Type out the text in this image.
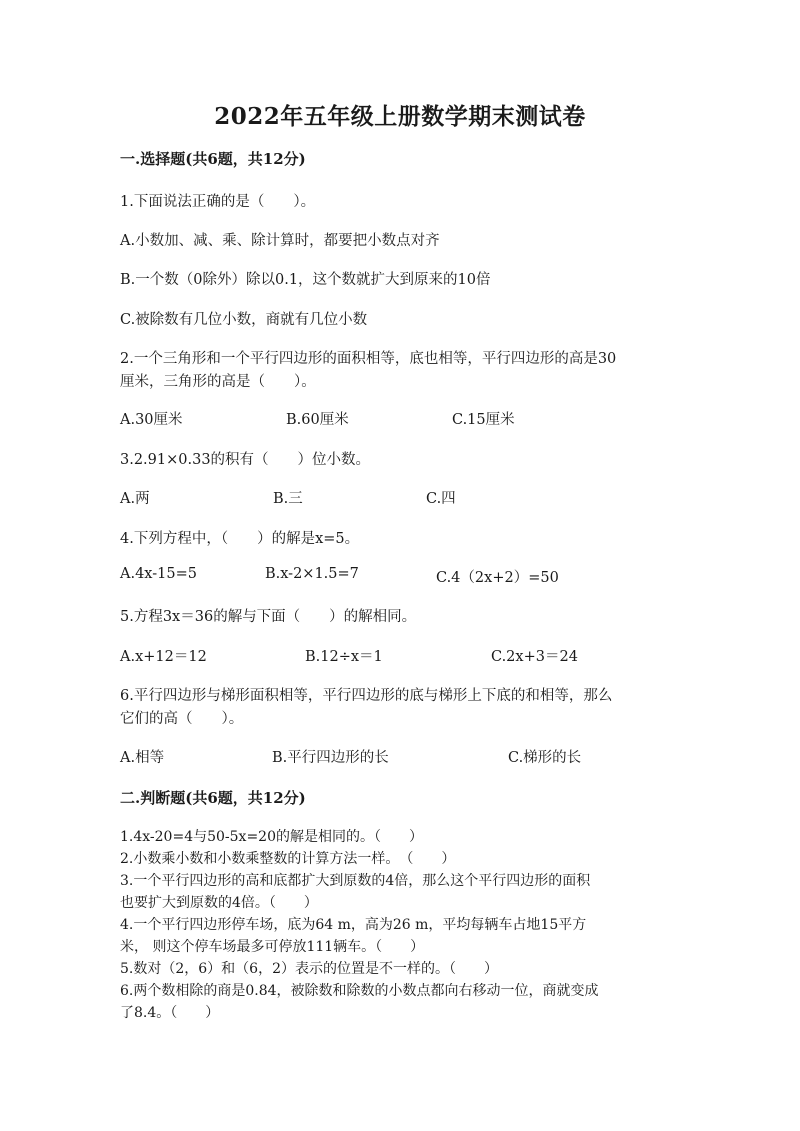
2022年五年级上册数学期末测试卷
一.选择题(共6题，共12分)
1.下面说法正确的是（　　）。
A.小数加、减、乘、除计算时，都要把小数点对齐
B.一个数（0除外）除以0.1，这个数就扩大到原来的10倍
C.被除数有几位小数，商就有几位小数
2.一个三角形和一个平行四边形的面积相等，底也相等，平行四边形的高是30
厘米，三角形的高是（　　）。
A.30厘米	B.60厘米	C.15厘米
3.2.91×0.33的积有（　　）位小数。
A.两	B.三	C.四
4.下列方程中，（　　）的解是x=5。
A.4x-15=5	B.x-2×1.5=7	C.4（2x+2）=50
5.方程3x＝36的解与下面（　　）的解相同。
A.x+12＝12	B.12÷x＝1	C.2x+3＝24
6.平行四边形与梯形面积相等，平行四边形的底与梯形上下底的和相等，那么
它们的高（　　）。
A.相等	B.平行四边形的长	C.梯形的长
二.判断题(共6题，共12分)
1.4x-20=4与50-5x=20的解是相同的。（　　）
2.小数乘小数和小数乘整数的计算方法一样。　（　　）
3.一个平行四边形的高和底都扩大到原数的4倍，那么这个平行四边形的面积
也要扩大到原数的4倍。（　　）
4.一个平行四边形停车场，底为64 m，高为26 m，平均每辆车占地15平方
米， 则这个停车场最多可停放111辆车。（　　）
5.数对（2，6）和（6，2）表示的位置是不一样的。（　　）
6.两个数相除的商是0.84，被除数和除数的小数点都向右移动一位，商就变成
了8.4。（　　）
